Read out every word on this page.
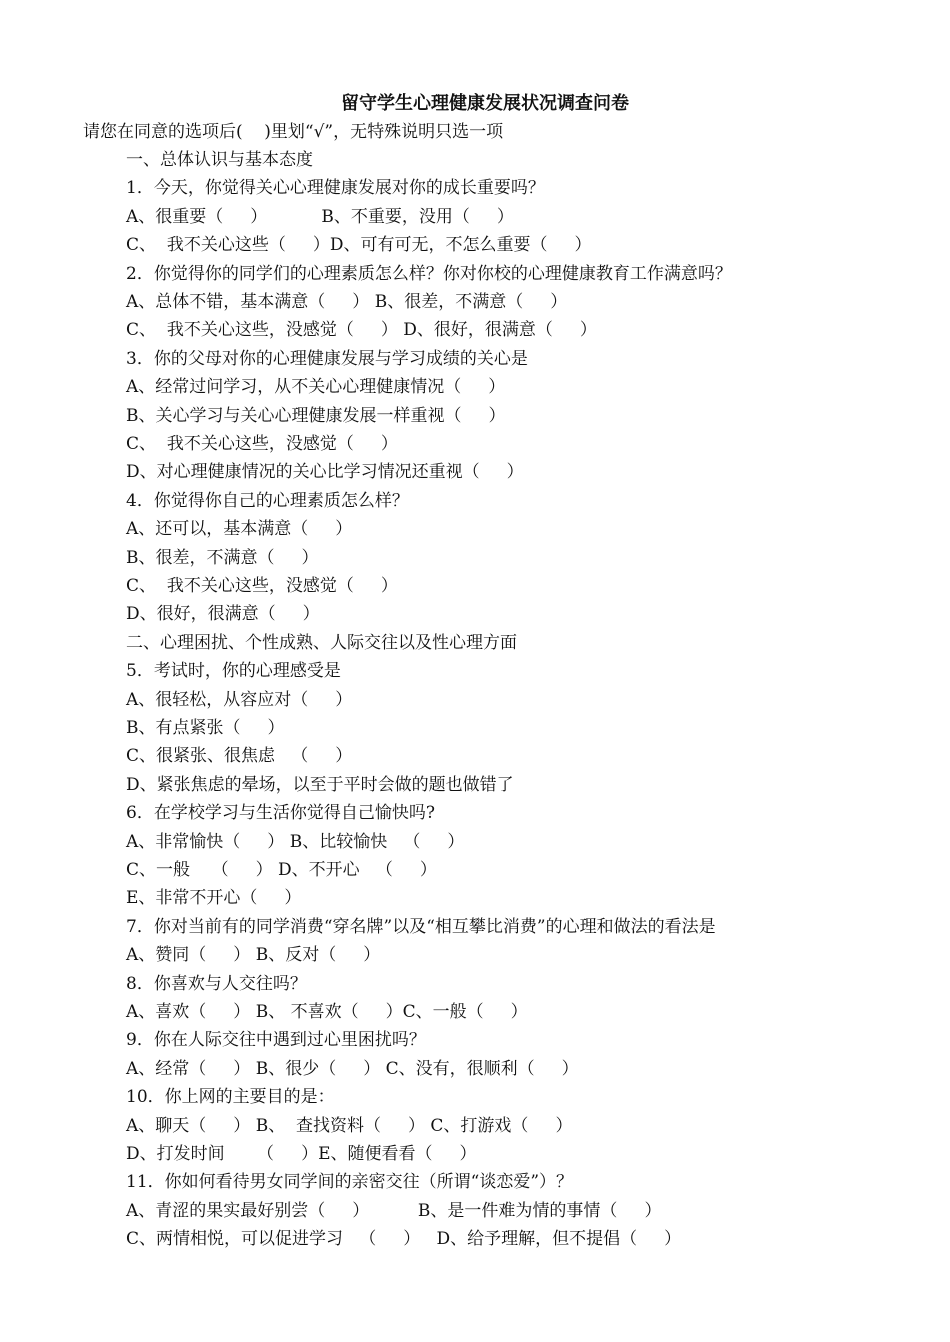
留守学生心理健康发展状况调查问卷
请您在同意的选项后(    )里划“√”，无特殊说明只选一项
一、总体认识与基本态度
1．今天，你觉得关心心理健康发展对你的成长重要吗？
A、很重要（     ）          B、不重要，没用（     ）
C、  我不关心这些（     ）D、可有可无，不怎么重要（     ）
2．你觉得你的同学们的心理素质怎么样？你对你校的心理健康教育工作满意吗？
A、总体不错，基本满意（     ） B、很差，不满意（     ）
C、  我不关心这些，没感觉（     ） D、很好，很满意（     ）
3．你的父母对你的心理健康发展与学习成绩的关心是
A、经常过问学习，从不关心心理健康情况（     ）
B、关心学习与关心心理健康发展一样重视（     ）
C、  我不关心这些，没感觉（     ）
D、对心理健康情况的关心比学习情况还重视（     ）
4．你觉得你自己的心理素质怎么样？
A、还可以，基本满意（     ）
B、很差，不满意（     ）
C、  我不关心这些，没感觉（     ）
D、很好，很满意（     ）
二、心理困扰、个性成熟、人际交往以及性心理方面
5．考试时，你的心理感受是
A、很轻松，从容应对（     ）
B、有点紧张（     ）
C、很紧张、很焦虑   （     ）
D、紧张焦虑的晕场，以至于平时会做的题也做错了
6．在学校学习与生活你觉得自己愉快吗?
A、非常愉快（     ） B、比较愉快   （     ）
C、一般    （     ） D、不开心   （     ）
E、非常不开心（     ）
7．你对当前有的同学消费“穿名牌”以及“相互攀比消费”的心理和做法的看法是
A、赞同（     ） B、反对（     ）
8．你喜欢与人交往吗？
A、喜欢（     ） B、 不喜欢（     ）C、一般（     ）
9．你在人际交往中遇到过心里困扰吗？
A、经常（     ） B、很少（     ） C、没有，很顺利（     ）
10．你上网的主要目的是：
A、聊天（     ） B、  查找资料（     ） C、打游戏（     ）
D、打发时间      （     ）E、随便看看（     ）
11．你如何看待男女同学间的亲密交往（所谓“谈恋爱”）？
A、青涩的果实最好别尝（     ）         B、是一件难为情的事情（     ）
C、两情相悦，可以促进学习   （     ）   D、给予理解，但不提倡（     ）
